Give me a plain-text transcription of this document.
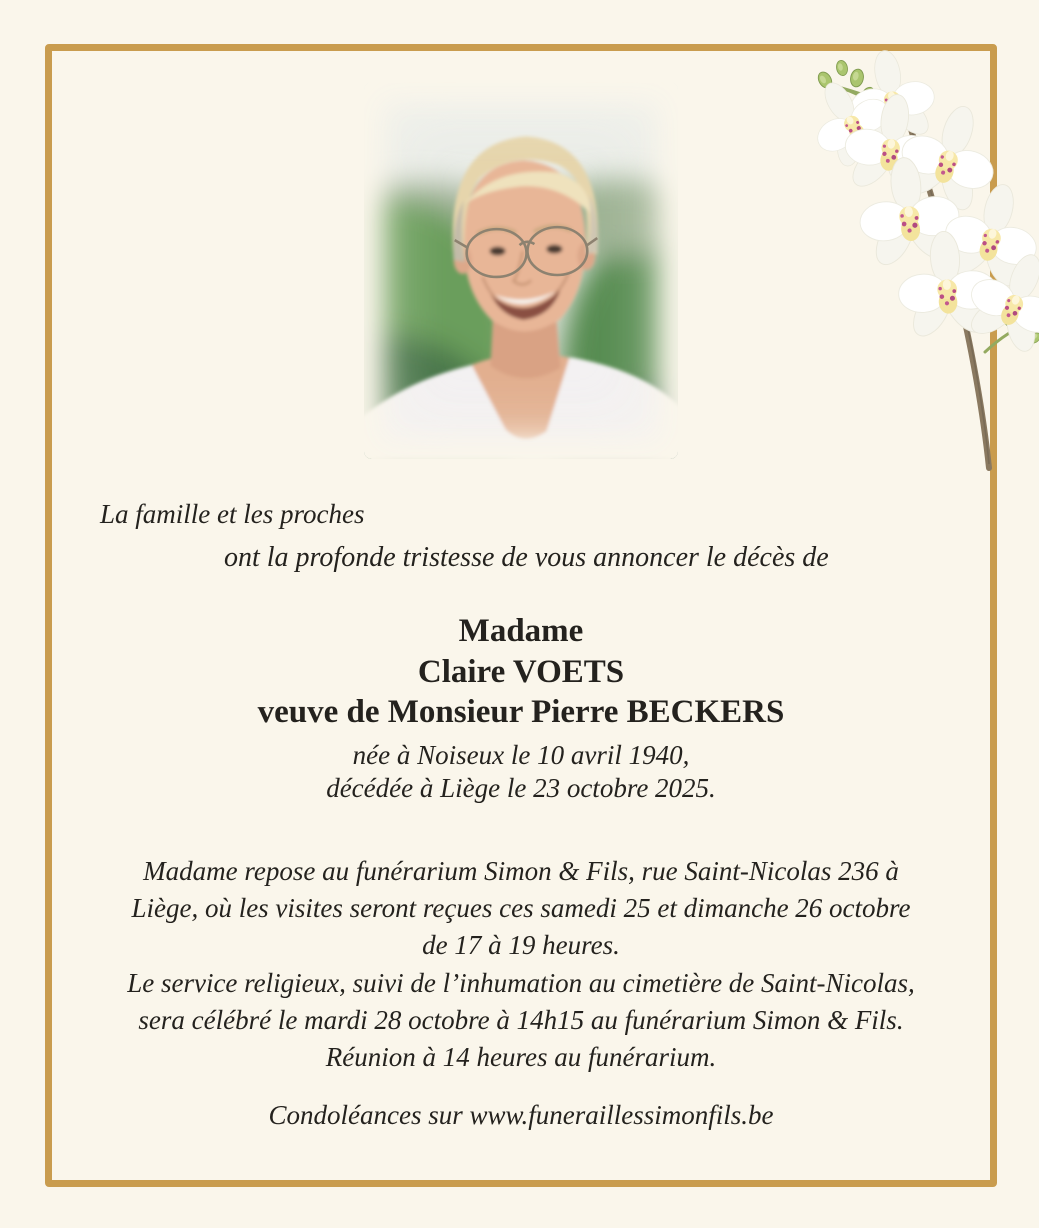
La famille et les proches
ont la profonde tristesse de vous annoncer le décès de
Madame
Claire VOETS
veuve de Monsieur Pierre BECKERS
née à Noiseux le 10 avril 1940,
décédée à Liège le 23 octobre 2025.
Madame repose au funérarium Simon & Fils, rue Saint-Nicolas 236 à
Liège, où les visites seront reçues ces samedi 25 et dimanche 26 octobre
de 17 à 19 heures.
Le service religieux, suivi de l’inhumation au cimetière de Saint-Nicolas,
sera célébré le mardi 28 octobre à 14h15 au funérarium Simon & Fils.
Réunion à 14 heures au funérarium.
Condoléances sur www.funeraillessimonfils.be
